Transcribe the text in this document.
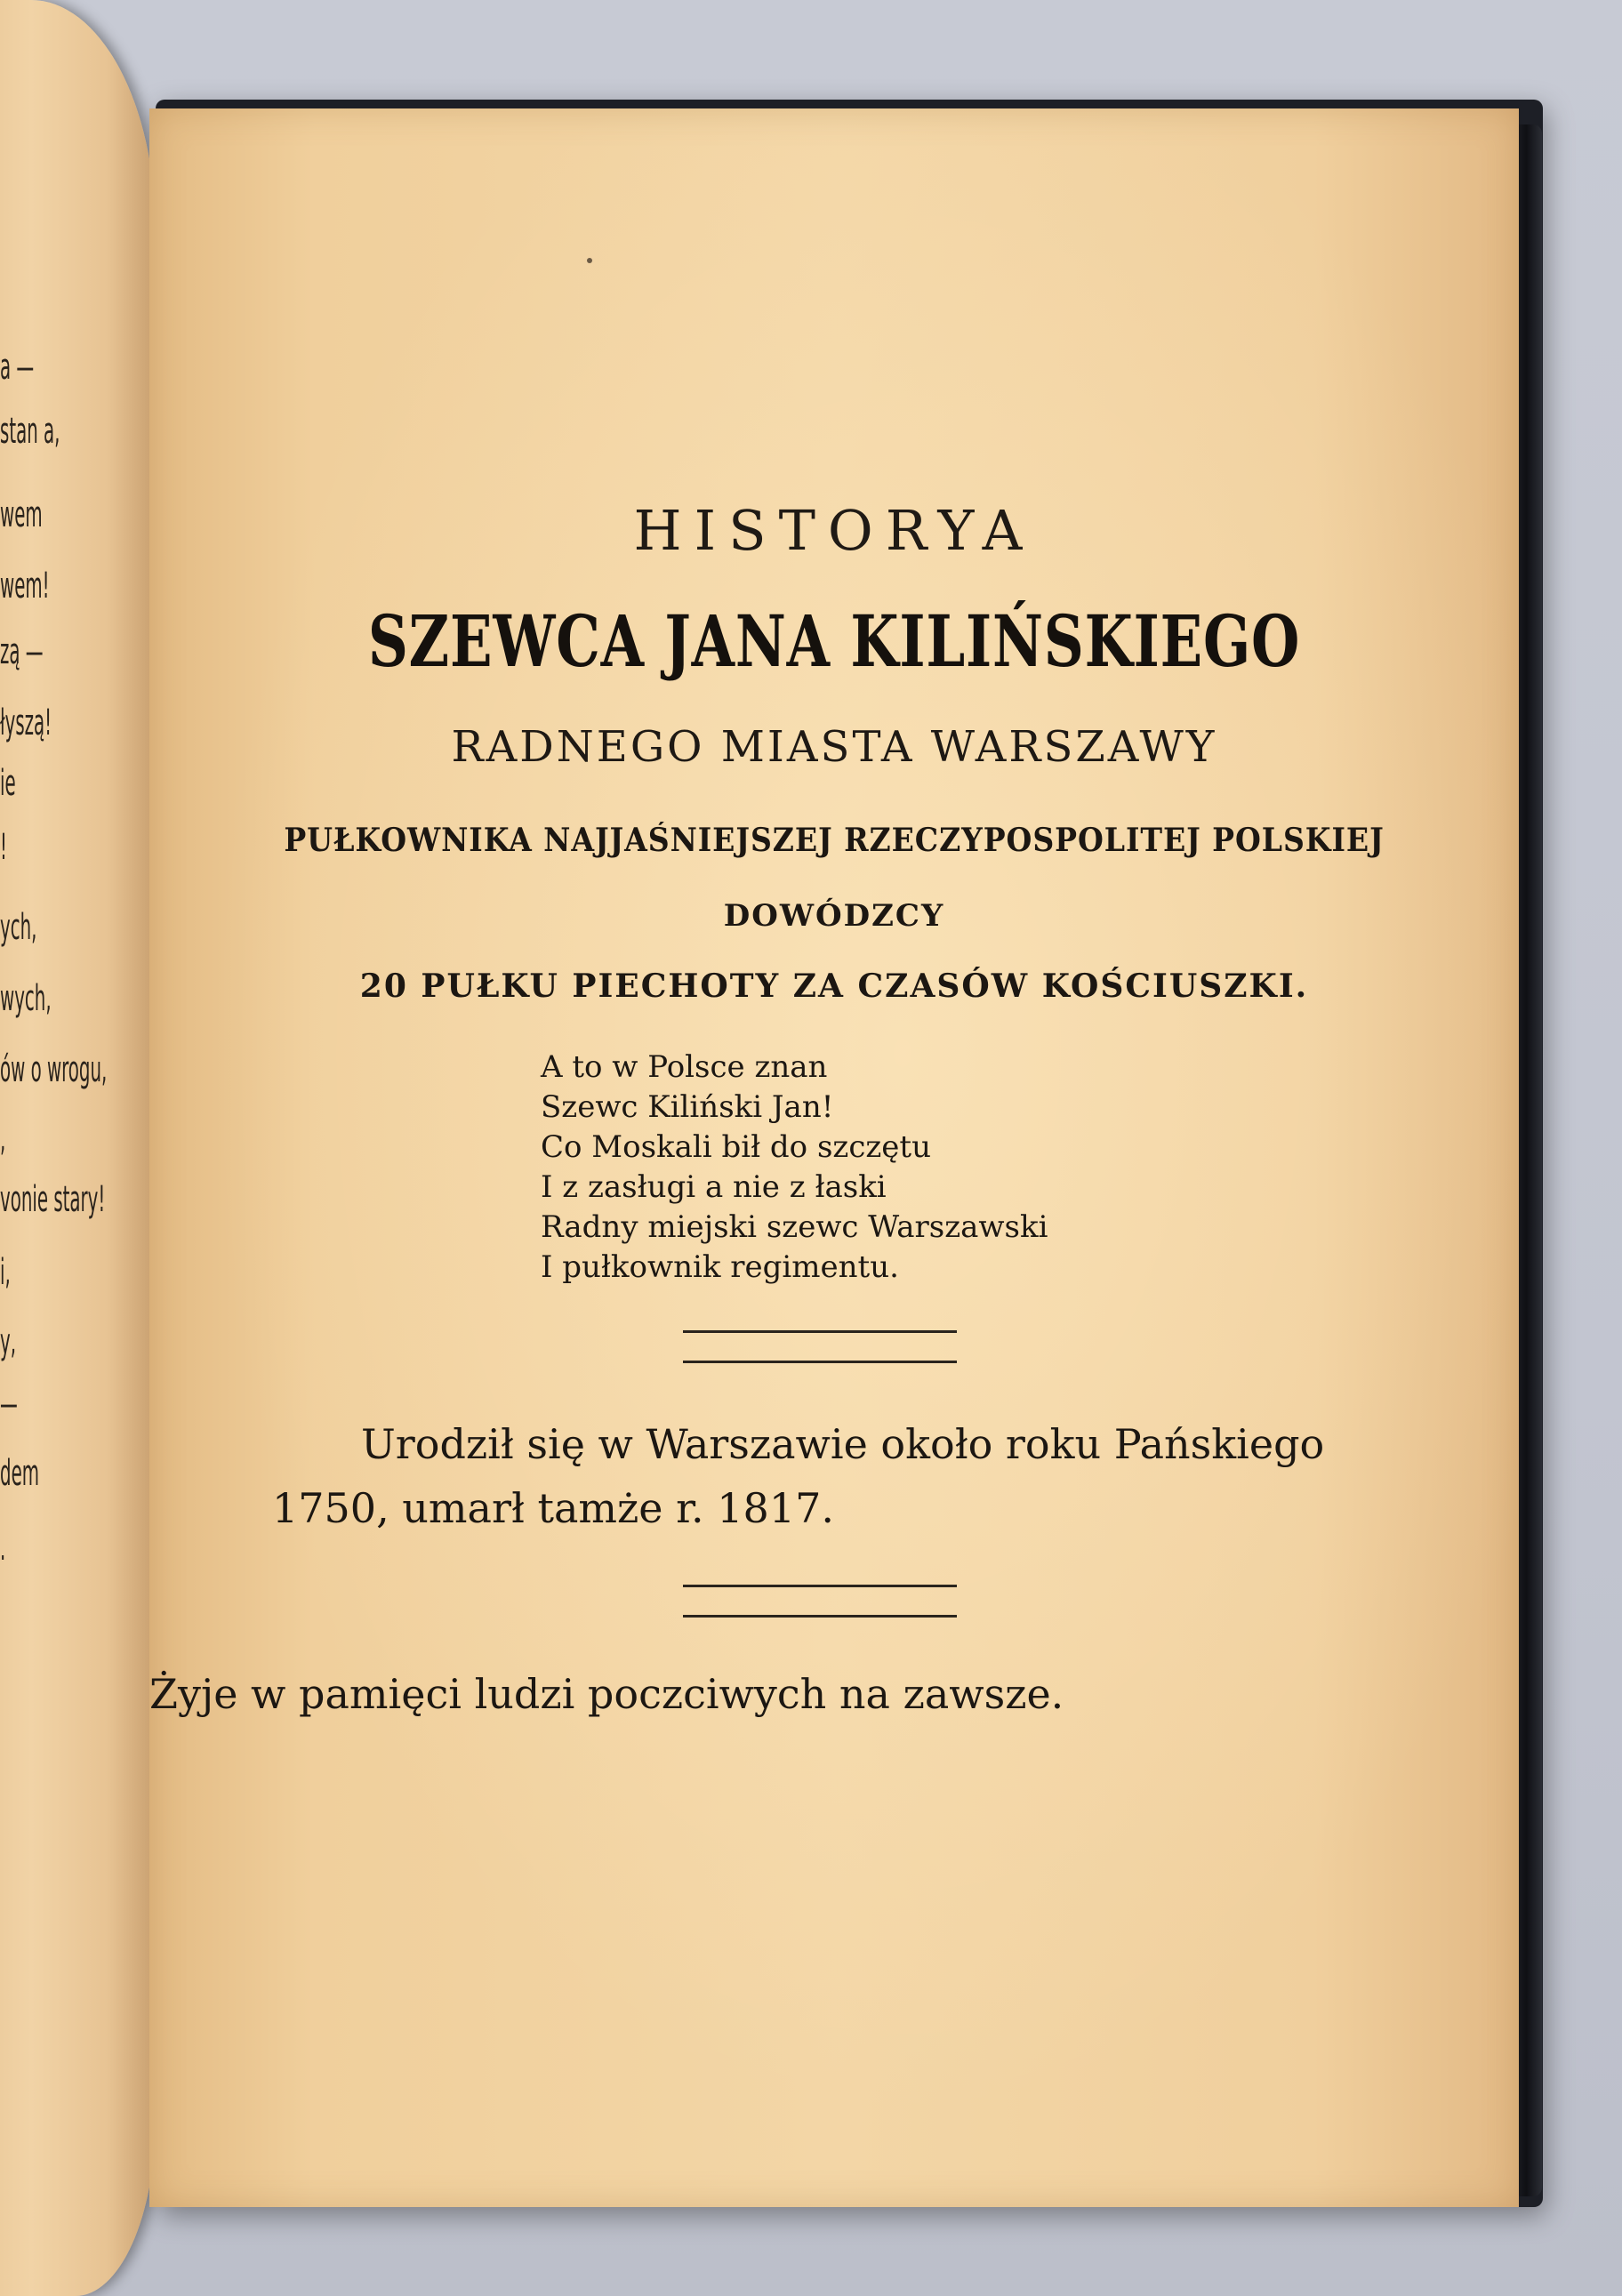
a —
stan a,
wem
wem!
zą —
łyszą!
ie
!
ych,
wych,
ów o wrogu,
,
vonie stary!
i,
y,
—
dem
.
HISTORYA
SZEWCA JANA KILIŃSKIEGO
RADNEGO MIASTA WARSZAWY
PUŁKOWNIKA NAJJAŚNIEJSZEJ RZECZYPOSPOLITEJ POLSKIEJ
DOWÓDZCY
20 PUŁKU PIECHOTY ZA CZASÓW KOŚCIUSZKI.
A to w Polsce znan
Szewc Kiliński Jan!
Co Moskali bił do szczętu
I z zasługi a nie z łaski
Radny miejski szewc Warszawski
I pułkownik regimentu.
Urodził się w Warszawie około roku Pańskiego
1750, umarł tamże r. 1817.
Żyje w pamięci ludzi poczciwych na zawsze.
